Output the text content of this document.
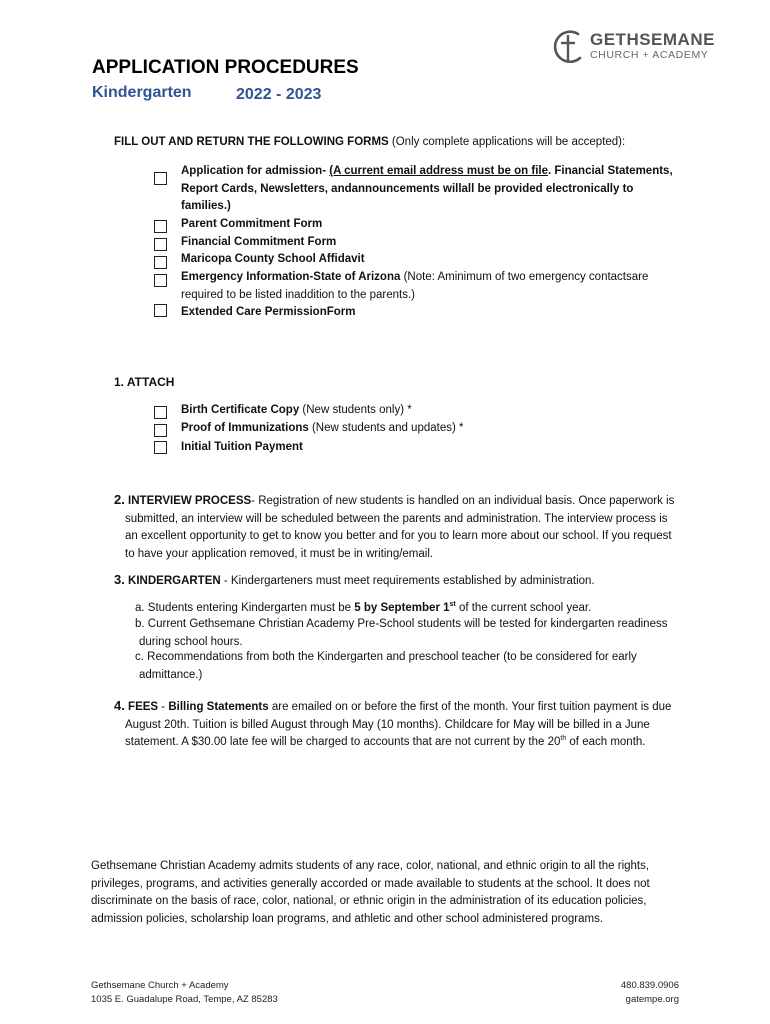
GETHSEMANE
CHURCH + ACADEMY
APPLICATION PROCEDURES
Kindergarten	2022 - 2023

FILL OUT AND RETURN THE FOLLOWING FORMS (Only complete applications will be accepted):

Application for admission- (A current email address must be on file. Financial Statements, Report Cards, Newsletters, andannouncements willall be provided electronically to families.)

Parent Commitment Form

Financial Commitment Form

Maricopa County School Affidavit

Emergency Information-State of Arizona (Note: Aminimum of two emergency contactsare required to be listed inaddition to the parents.)

Extended Care PermissionForm

1. ATTACH

Birth Certificate Copy (New students only) *

Proof of Immunizations (New students and updates) *

Initial Tuition Payment

2. INTERVIEW PROCESS- Registration of new students is handled on an individual basis. Once paperwork is submitted, an interview will be scheduled between the parents and administration. The interview process is an excellent opportunity to get to know you better and for you to learn more about our school. If you request to have your application removed, it must be in writing/email.

3. KINDERGARTEN - Kindergarteners must meet requirements established by administration.

a. Students entering Kindergarten must be 5 by September 1st of the current school year.

b. Current Gethsemane Christian Academy Pre-School students will be tested for kindergarten readiness during school hours.

c. Recommendations from both the Kindergarten and preschool teacher (to be considered for early admittance.)

4. FEES - Billing Statements are emailed on or before the first of the month. Your first tuition payment is due August 20th. Tuition is billed August through May (10 months). Childcare for May will be billed in a June statement. A $30.00 late fee will be charged to accounts that are not current by the 20th of each month.

Gethsemane Christian Academy admits students of any race, color, national, and ethnic origin to all the rights, privileges, programs, and activities generally accorded or made available to students at the school. It does not discriminate on the basis of race, color, national, or ethnic origin in the administration of its education policies, admission policies, scholarship loan programs, and athletic and other school administered programs.

Gethsemane Church + Academy
1035 E. Guadalupe Road, Tempe, AZ 85283
480.839.0906
gatempe.org
